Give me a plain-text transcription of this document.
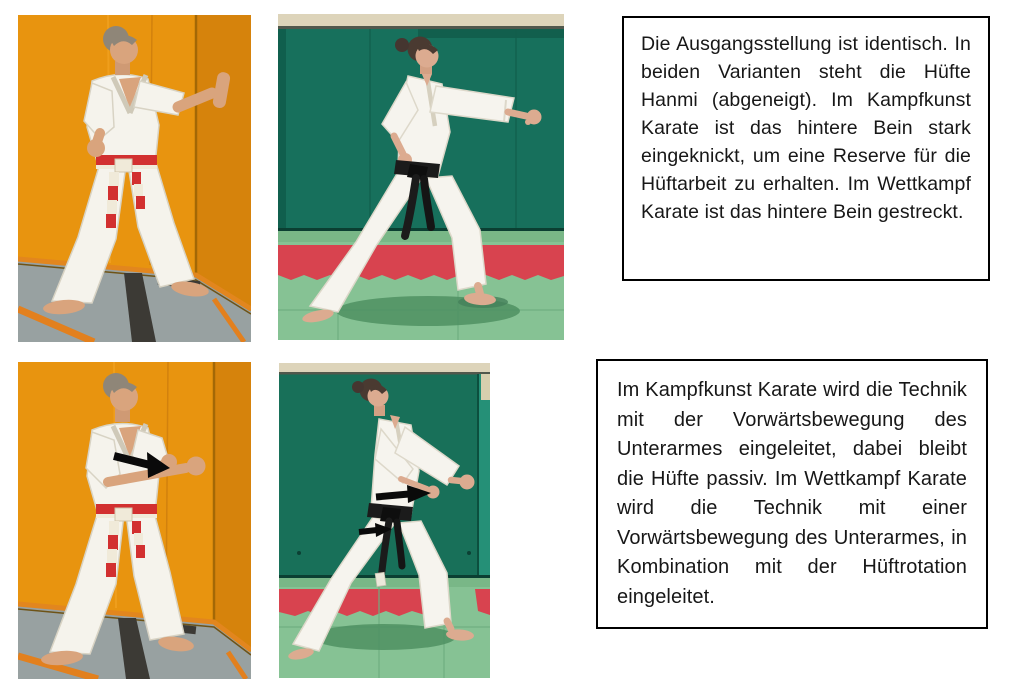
Die Ausgangsstellung ist identisch. In beiden Varianten steht die Hüfte Hanmi (abgeneigt). Im Kampfkunst Karate ist das hintere Bein stark eingeknickt, um eine Reserve für die Hüftarbeit zu erhalten. Im Wettkampf Karate ist das hintere Bein gestreckt.

Im Kampfkunst Karate wird die Technik mit der Vorwärtsbewegung des Unterarmes eingeleitet, dabei bleibt die Hüfte passiv. Im Wettkampf Karate wird die Technik mit einer Vorwärtsbewegung des Unterarmes, in Kombination mit der Hüftrotation eingeleitet.
